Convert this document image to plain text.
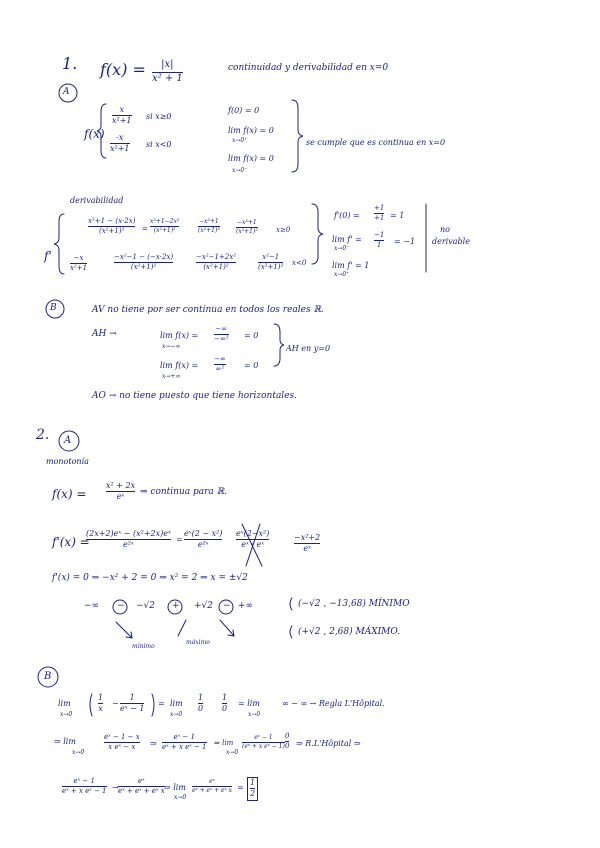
1. f(x) = |x|
x² + 1
continuidad y derivabilidad en x=0
A
f(x)
x
x²+1 si x≥0
-x
x²+1 si x<0
f(0) = 0
lim f(x) = 0
x→0⁺
lim f(x) = 0
x→0⁻
se cumple que es continua en x=0
derivabilidad
f'
x²+1 − (x·2x)
(x²+1)²	=
x²+1−2x²
(x²+1)²
−x²+1
(x²+1)²
−x²+1
(x²+1)²	x≥0
−x
x²+1
−x²−1 − (−x·2x)
(x²+1)²
−x²−1+2x²
(x²+1)²
x²−1
(x²+1)²
x<0
f'(0) =
+1
+1 = 1
lim f' =
x→0⁻
−1
1 = −1
lim f' = 1
x→0⁺
no
derivable
B	AV no tiene por ser continua en todos los reales ℝ.
AH →	lim f(x) =
x→−∞
−∞
−∞² = 0
lim f(x) =
x→+∞
−∞
∞² = 0
AH en y=0
AO → no tiene puesto que tiene horizontales.
2. A
monotonía
f(x) =
x² + 2x
eˣ ⇒ continua para ℝ.
f'(x) =
(2x+2)eˣ − (x²+2x)eˣ
e²ˣ
=
eˣ(2 − x²)
e²ˣ
eˣ(2−x²)
eˣ · eˣ
−x²+2
eˣ
f'(x) = 0 ⇒ −x² + 2 = 0 ⇒ x² = 2 ⇒ x = ±√2
−∞ − −√2 + +√2 − +∞
mínimo
máximo
(−√2 , −13,68) MÍNIMO
(+√2 , 2,68) MÁXIMO.
B
lim
x→0
1
x
−
1
eˣ − 1
= lim
x→0
1
0
1
0
= lim
x→0
∞ − ∞ → Regla L'Hôpital.
⇒ lim
x→0
eˣ − 1 − x
x eˣ − x ⇒
eˣ − 1
eˣ + x eˣ − 1
⇒ lim
x→0
eˣ − 1
(eˣ + x eˣ − 1)
0
0 ⇒ R.L'Hôpital ⇒
eˣ − 1
eˣ + x eˣ − 1 →
eˣ
eˣ + eˣ + eˣ x ⇒ lim
x→0
eˣ
eˣ + eˣ + eˣ x =
1
2
